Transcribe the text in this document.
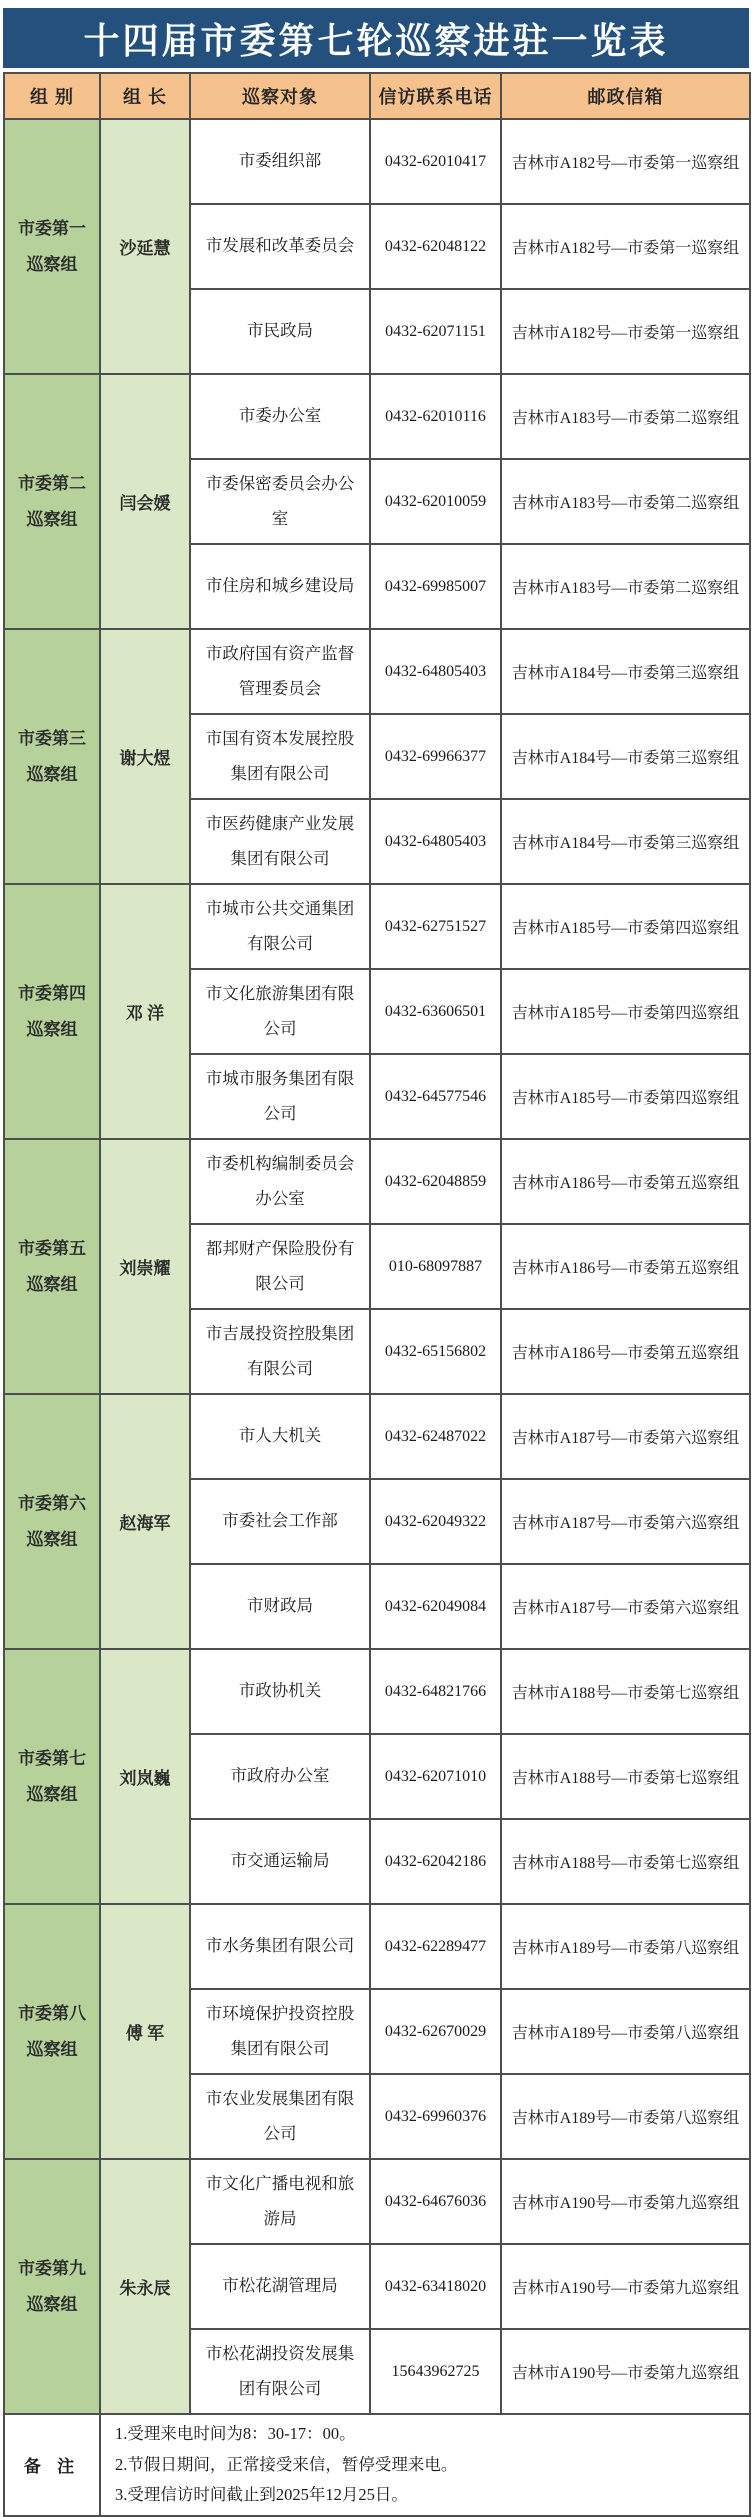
十四届市委第七轮巡察进驻一览表
组 别	组 长	巡察对象	信访联系电话	邮政信箱
市委第一巡察组	沙延慧	市委组织部	0432-62010417	吉林市A182号—市委第一巡察组
		市发展和改革委员会	0432-62048122	吉林市A182号—市委第一巡察组
		市民政局	0432-62071151	吉林市A182号—市委第一巡察组
市委第二巡察组	闫会媛	市委办公室	0432-62010116	吉林市A183号—市委第二巡察组
		市委保密委员会办公室	0432-62010059	吉林市A183号—市委第二巡察组
		市住房和城乡建设局	0432-69985007	吉林市A183号—市委第二巡察组
市委第三巡察组	谢大煜	市政府国有资产监督管理委员会	0432-64805403	吉林市A184号—市委第三巡察组
		市国有资本发展控股集团有限公司	0432-69966377	吉林市A184号—市委第三巡察组
		市医药健康产业发展集团有限公司	0432-64805403	吉林市A184号—市委第三巡察组
市委第四巡察组	邓 洋	市城市公共交通集团有限公司	0432-62751527	吉林市A185号—市委第四巡察组
		市文化旅游集团有限公司	0432-63606501	吉林市A185号—市委第四巡察组
		市城市服务集团有限公司	0432-64577546	吉林市A185号—市委第四巡察组
市委第五巡察组	刘崇耀	市委机构编制委员会办公室	0432-62048859	吉林市A186号—市委第五巡察组
		都邦财产保险股份有限公司	010-68097887	吉林市A186号—市委第五巡察组
		市吉晟投资控股集团有限公司	0432-65156802	吉林市A186号—市委第五巡察组
市委第六巡察组	赵海军	市人大机关	0432-62487022	吉林市A187号—市委第六巡察组
		市委社会工作部	0432-62049322	吉林市A187号—市委第六巡察组
		市财政局	0432-62049084	吉林市A187号—市委第六巡察组
市委第七巡察组	刘岚巍	市政协机关	0432-64821766	吉林市A188号—市委第七巡察组
		市政府办公室	0432-62071010	吉林市A188号—市委第七巡察组
		市交通运输局	0432-62042186	吉林市A188号—市委第七巡察组
市委第八巡察组	傅 军	市水务集团有限公司	0432-62289477	吉林市A189号—市委第八巡察组
		市环境保护投资控股集团有限公司	0432-62670029	吉林市A189号—市委第八巡察组
		市农业发展集团有限公司	0432-69960376	吉林市A189号—市委第八巡察组
市委第九巡察组	朱永辰	市文化广播电视和旅游局	0432-64676036	吉林市A190号—市委第九巡察组
		市松花湖管理局	0432-63418020	吉林市A190号—市委第九巡察组
		市松花湖投资发展集团有限公司	15643962725	吉林市A190号—市委第九巡察组
备 注	1.受理来电时间为8：30-17：00。
2.节假日期间，正常接受来信，暂停受理来电。
3.受理信访时间截止到2025年12月25日。			
